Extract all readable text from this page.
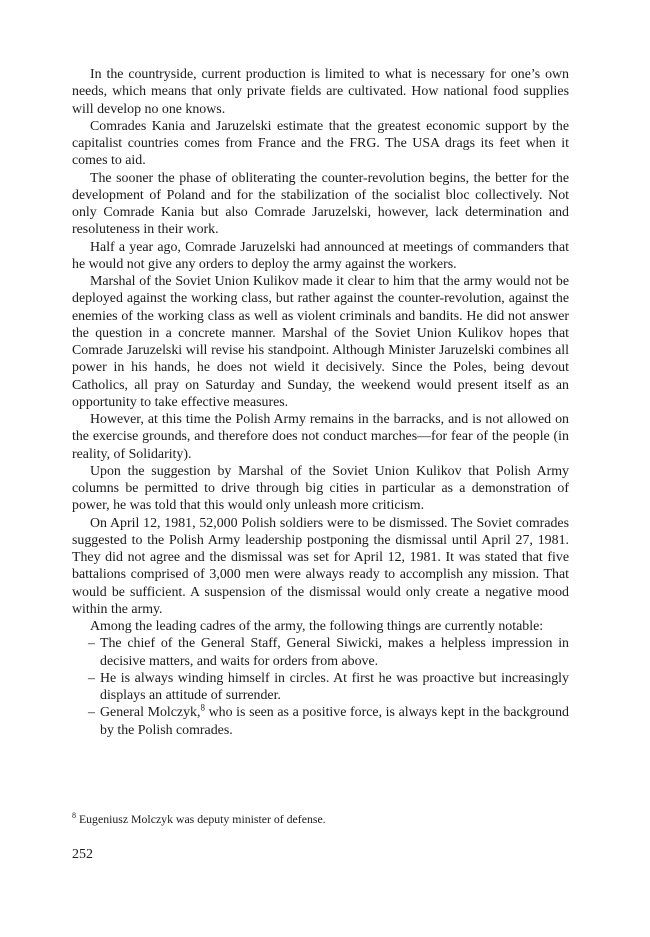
In the countryside, current production is limited to what is necessary for one’s own needs, which means that only private fields are cultivated. How national food supplies will develop no one knows.

Comrades Kania and Jaruzelski estimate that the greatest economic support by the capitalist countries comes from France and the FRG. The USA drags its feet when it comes to aid.

The sooner the phase of obliterating the counter-revolution begins, the better for the development of Poland and for the stabilization of the socialist bloc collectively. Not only Comrade Kania but also Comrade Jaruzelski, however, lack determination and resoluteness in their work.

Half a year ago, Comrade Jaruzelski had announced at meetings of commanders that he would not give any orders to deploy the army against the workers.

Marshal of the Soviet Union Kulikov made it clear to him that the army would not be deployed against the working class, but rather against the counter-revolution, against the enemies of the working class as well as violent criminals and bandits. He did not answer the question in a concrete manner. Marshal of the Soviet Union Kulikov hopes that Comrade Jaruzelski will revise his standpoint. Although Minister Jaruzelski combines all power in his hands, he does not wield it decisively. Since the Poles, being devout Catholics, all pray on Saturday and Sunday, the weekend would present itself as an opportunity to take effective measures.

However, at this time the Polish Army remains in the barracks, and is not allowed on the exercise grounds, and therefore does not conduct marches—for fear of the people (in reality, of Solidarity).

Upon the suggestion by Marshal of the Soviet Union Kulikov that Polish Army columns be permitted to drive through big cities in particular as a demonstration of power, he was told that this would only unleash more criticism.

On April 12, 1981, 52,000 Polish soldiers were to be dismissed. The Soviet comrades suggested to the Polish Army leadership postponing the dismissal until April 27, 1981. They did not agree and the dismissal was set for April 12, 1981. It was stated that five battalions comprised of 3,000 men were always ready to accomplish any mission. That would be sufficient. A suspension of the dismissal would only create a negative mood within the army.

Among the leading cadres of the army, the following things are currently notable:

– The chief of the General Staff, General Siwicki, makes a helpless impression in decisive matters, and waits for orders from above.
– He is always winding himself in circles. At first he was proactive but increasingly displays an attitude of surrender.
– General Molczyk,$^8$ who is seen as a positive force, is always kept in the background by the Polish comrades.
$^8$ Eugeniusz Molczyk was deputy minister of defense.
252
